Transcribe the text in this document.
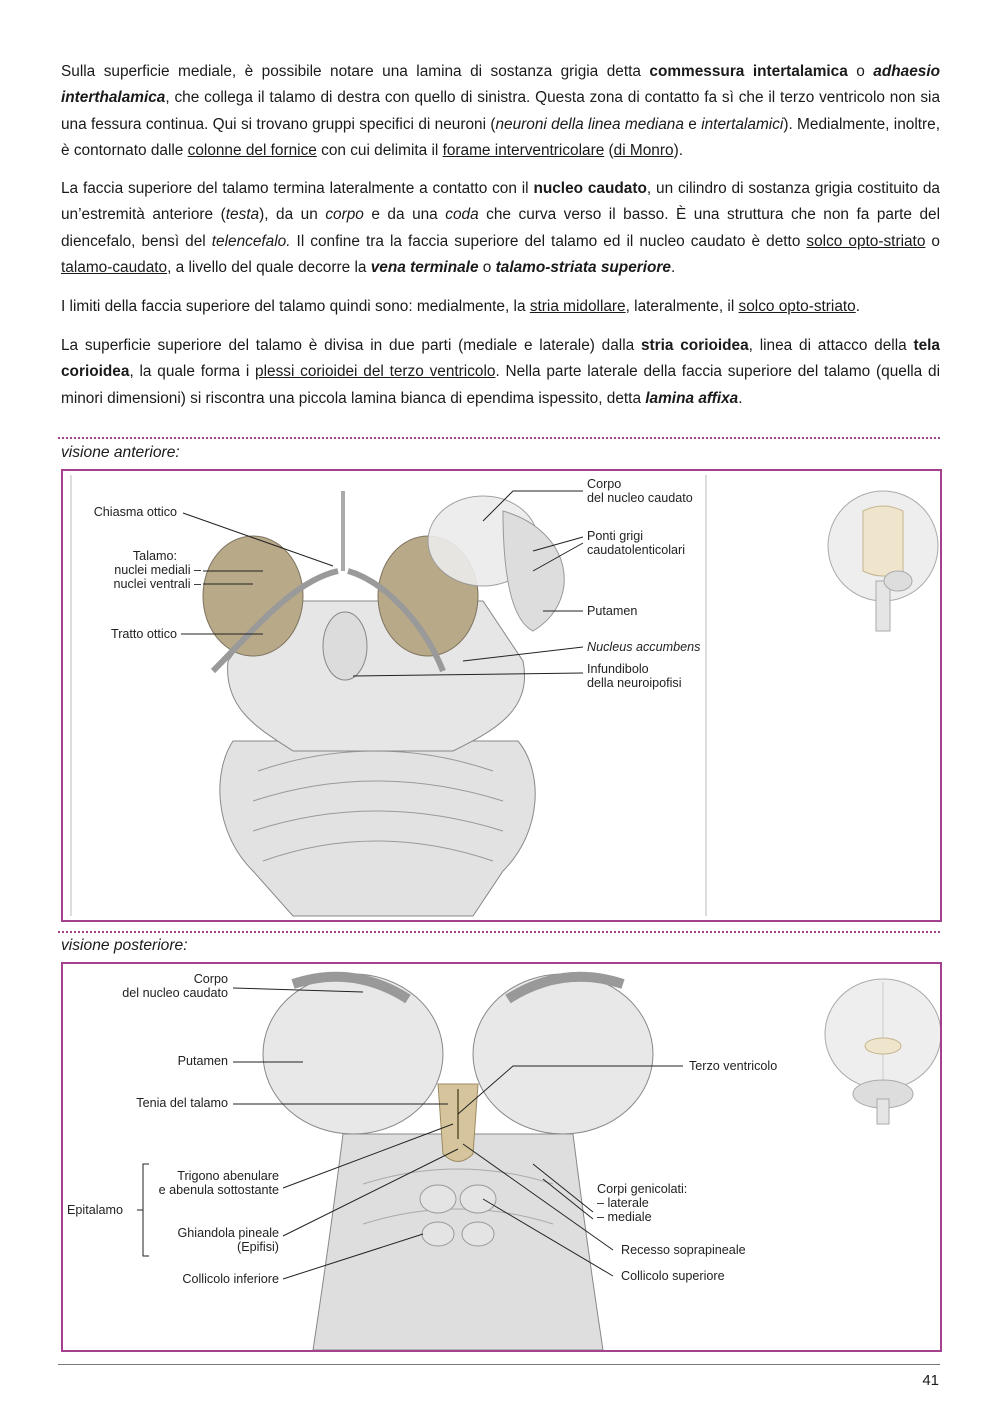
Sulla superficie mediale, è possibile notare una lamina di sostanza grigia detta commessura intertalamica o adhaesio interthalamica, che collega il talamo di destra con quello di sinistra. Questa zona di contatto fa sì che il terzo ventricolo non sia una fessura continua. Qui si trovano gruppi specifici di neuroni (neuroni della linea mediana e intertalamici). Medialmente, inoltre, è contornato dalle colonne del fornice con cui delimita il forame interventricolare (di Monro).

La faccia superiore del talamo termina lateralmente a contatto con il nucleo caudato, un cilindro di sostanza grigia costituito da un’estremità anteriore (testa), da un corpo e da una coda che curva verso il basso. È una struttura che non fa parte del diencefalo, bensì del telencefalo. Il confine tra la faccia superiore del talamo ed il nucleo caudato è detto solco opto-striato o talamo-caudato, a livello del quale decorre la vena terminale o talamo-striata superiore.

I limiti della faccia superiore del talamo quindi sono: medialmente, la stria midollare, lateralmente, il solco opto-striato.

La superficie superiore del talamo è divisa in due parti (mediale e laterale) dalla stria corioidea, linea di attacco della tela corioidea, la quale forma i plessi corioidei del terzo ventricolo. Nella parte laterale della faccia superiore del talamo (quella di minori dimensioni) si riscontra una piccola lamina bianca di ependima ispessito, detta lamina affixa.

visione anteriore:
Chiasma ottico
Talamo:
nuclei mediali –
nuclei ventrali –
Tratto ottico
Corpo
del nucleo caudato
Ponti grigi
caudatolenticolari
Putamen
Nucleus accumbens
Infundibolo
della neuroipofisi
visione posteriore:
Corpo
del nucleo caudato
Putamen
Tenia del talamo
Trigono abenulare
e abenula sottostante
Epitalamo
Ghiandola pineale
(Epifisi)
Collicolo inferiore
Terzo ventricolo
Corpi genicolati:
– laterale
– mediale
Recesso soprapineale
Collicolo superiore
41
